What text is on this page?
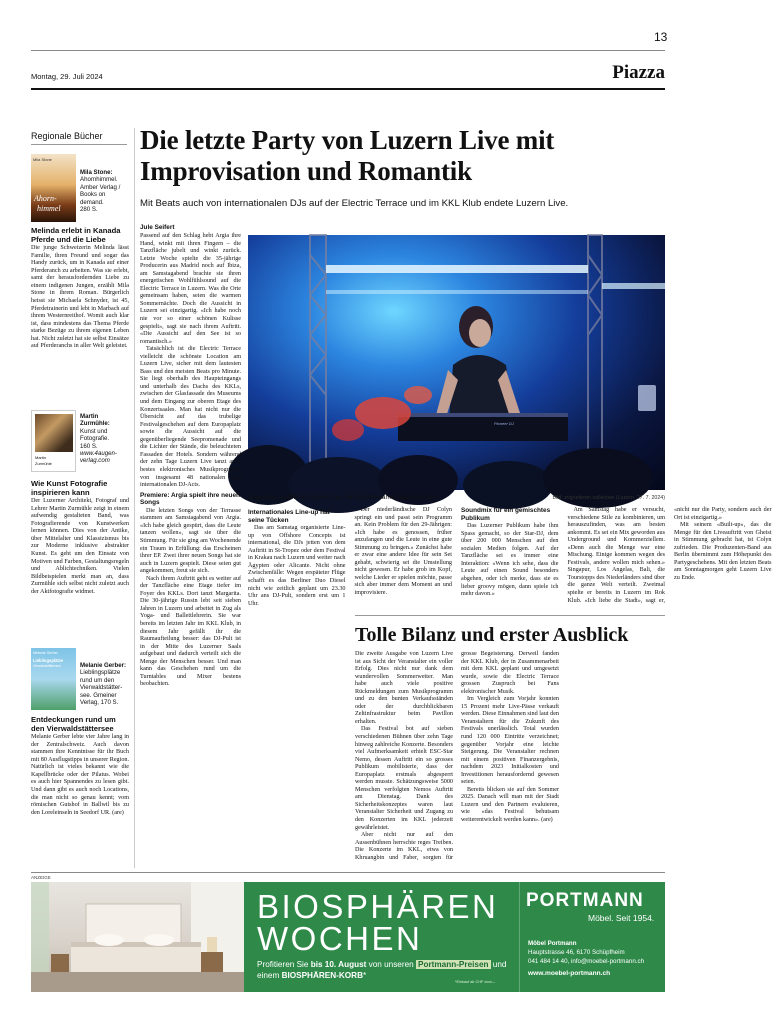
13
Montag, 29. Juli 2024	Piazza
Regionale Bücher
Mila Stone
Ahorn-
himmel
Mila Stone:
Ahornhimmel.
Amber Verlag /
Books on
demand.
280 S.
Melinda erlebt in Kanada Pferde und die Liebe
Die junge Schweizerin Melinda lässt Familie, ihren Freund und sogar das Handy zurück, um in Kanada auf einer Pferderanch zu arbeiten. Was sie erlebt, samt der herausfordernden Liebe zu einem indigenen Jungen, erzählt Mila Stone in ihrem Roman. Bürgerlich heisst sie Michaela Schnyder, ist 45, Pferdetrainerin und lebt in Marbach auf ihrem Westernreithof. Womit auch klar ist, dass mindestens das Thema Pferde starke Bezüge zu ihrem eigenen Leben hat. Nicht zuletzt hat sie selbst Einsätze auf Pferderanchs in aller Welt geleistet.
Martin
Zurmühle
Martin
Zurmühle:
Kunst und
Fotografie.
160 S.
www.4augen-
verlag.com
Wie Kunst Fotografie inspirieren kann
Der Luzerner Architekt, Fotograf und Lehrer Martin Zurmühle zeigt in einem aufwendig gestalteten Band, was Fotografierende von Kunstwerken lernen können. Dies von der Antike, über Mittelalter und Klassizismus bis zur Moderne inklusive abstrakter Kunst. Es geht um den Einsatz von Motiven und Farben, Gestaltungsregeln und Ablichtechniken. Vielen Bildbeispielen merkt man an, dass Zurmühle sich selbst nicht zuletzt auch der Aktfotografie widmet.
Melanie Gerber
Lieblingsplätze
Vierwaldstättersee	Melanie Gerber:
Lieblingsplätze
rund um den
Vierwaldstätter-
see. Gmeiner
Verlag, 170 S.
Entdeckungen rund um den Vierwaldstättersee
Melanie Gerber lebte vier Jahre lang in der Zentralschweiz. Auch davon stammen ihre Kenntnisse für ihr Buch mit 80 Ausflugstipps in unserer Region. Natürlich ist vieles bekannt wie die Kapellbrücke oder der Pilatus. Wobei es auch hier Spannendes zu lesen gibt. Und dann gibt es auch noch Locations, die man nicht so genau kennt; vom römischen Gutshof in Ballwil bis zu den Loreleinseln in Seedorf UR. (are)
Die letzte Party von Luzern Live mit Improvisation und Romantik
Mit Beats auch von internationalen DJs auf der Electric Terrace und im KKL Klub endete Luzern Live.
Jule Seifert
Pioneer DJ
Argia beim Auftritt an Luzern Live. Ihr Künstlername bedeutet Licht.	Bild: zvg/unkrwn collective (Luzern, 27. 7. 2024)

Passend auf den Schlag hebt Argia ihre Hand, winkt mit ihren Fingern – die Tanzfläche jubelt und winkt zurück. Letzte Woche spielte die 35-jährige Producerin aus Madrid noch auf Ibiza, am Samstagabend brachte sie ihren energetischen Wohlfühlsound auf die Electric Terrace in Luzern. Was die Orte gemeinsam haben, seien die warmen Sommernächte. Doch die Aussicht in Luzern sei einzigartig. «Ich habe noch nie vor so einer schönen Kulisse gespielt», sagt sie nach ihrem Auftritt. «Die Aussicht auf den See ist so romantisch.»

Tatsächlich ist die Electric Terrace vielleicht die schönste Location am Luzern Live, sicher mit dem lautesten Bass und den meisten Beats pro Minute. Sie liegt oberhalb des Haupteingangs und unterhalb des Dachs des KKLs, zwischen der Glasfassade des Museums und dem Eingang zur oberen Etage des Konzertsaales. Man hat nicht nur die Übersicht auf das trubelige Festivalgeschehen auf dem Europaplatz sowie die Aussicht auf die gegenüberliegende Seepromenade und die Lichter der Stände, die beleuchteten Fassaden der Hotels. Sondern während der zehn Tage Luzern Live tanzt auch bestes elektronisches Musikprogramm von insgesamt 48 nationalen und internationalen DJ-Acts.

Premiere: Argia spielt ihre neuen Songs

Die letzten Songs von der Terrasse stammen am Samstagabend von Argia. «Ich habe gleich gespürt, dass die Leute tanzen wollen», sagt sie über die Stimmung. Für sie ging am Wochenende ein Traum in Erfüllung: das Erscheinen ihrer EP. Zwei ihrer neuen Songs hat sie auch in Luzern gespielt. Diese seien gut angekommen, freut sie sich.

Nach ihrem Auftritt geht es weiter auf der Tanzfläche eine Etage tiefer im Foyer des KKLs. Dort tanzt Margarita. Die 30-jährige Russin lebt seit sieben Jahren in Luzern und arbeitet in Zug als Yoga- und Ballettlehrerin. Sie war bereits im letzten Jahr im KKL Klub, in diesem Jahr gefällt ihr die Raumaufteilung besser: das DJ-Pult ist in der Mitte des Luzerner Saals aufgebaut und dadurch verteilt sich die Menge der Menschen besser. Und man kann das Geschehen rund um die Turntables und Mixer bestens beobachten.

Internationales Line-up hat seine Tücken

Das am Samstag organisierte Line-up von Offshore Concepts ist international, die DJs jetten von dem Auftritt in St-Tropez oder dem Festival in Krakau nach Luzern und weiter nach Ägypten oder Alicante. Nicht ohne Zwischenfälle: Wegen erspäteter Flüge schafft es das Berliner Duo Diesel nicht wie zeitlich geplant um 23.30 Uhr ans DJ-Pult, sondern erst um 1 Uhr.

Der niederländische DJ Colyn springt ein und passt sein Programm an. Kein Problem für den 29-Jährigen: «Ich habe es genossen, früher anzufangen und die Leute in eine gute Stimmung zu bringen.» Zunächst habe er zwar eine andere Idee für sein Set gehabt, schwierig sei die Umstellung nicht gewesen. Er habe grob im Kopf, welche Lieder er spielen möchte, passe sich aber immer dem Moment an und improvisiere.

Soundmix für ein gemischtes Publikum

Das Luzerner Publikum habe ihm Spass gemacht, so der Star-DJ, dem über 200 000 Menschen auf den sozialen Medien folgen. Auf der Tanzfläche sei es immer eine Interaktion: «Wenn ich sehe, dass die Leute auf einen Sound besonders abgehen, oder ich merke, dass sie es lieber groovy mögen, dann spiele ich mehr davon.»

Am Samstag habe er versucht, verschiedene Stile zu kombinieren, um herauszufinden, was am besten ankommt. Es sei ein Mix geworden aus Underground und Kommerziellem. «Denn auch die Menge war eine Mischung. Einige kommen wegen des Festivals, andere wollen mich sehen.» Singapur, Los Angelas, Bali, die Tourstopps des Niederländers sind über die ganze Welt verteilt. Zweimal spielte er bereits in Luzern im Rok Klub. «Ich liebe die Stadt», sagt er, «nicht nur die Party, sondern auch der Ort ist einzigartig.»

Mit seinem «Built-up», das die Menge für den Liveauftritt von Gheist in Stimmung gebracht hat, ist Colyn zufrieden. Die Produzenten-Band aus Berlin übernimmt zum Höhepunkt des Partygeschehens. Mit den letzten Beats am Sonntagmorgen geht Luzern Live zu Ende.

Tolle Bilanz und erster Ausblick

Die zweite Ausgabe von Luzern Live ist aus Sicht der Veranstalter ein voller Erfolg. Dies nicht nur dank dem wundervollen Sommerwetter. Man habe auch viele positive Rückmeldungen zum Musikprogramm und zu den bunten Verkaufsständen oder der durchblickbaren Zeltinfrastruktur beim Pavillon erhalten.

Das Festival bot auf sieben verschiedenen Bühnen über zehn Tage hinweg zahlreiche Konzerte. Besonders viel Aufmerksamkeit erhielt ESC-Star Nemo, dessen Auftritt ein so grosses Publikum mobilisierte, dass der Europaplatz erstmals abgesperrt werden musste. Schätzungsweise 5000 Menschen verfolgten Nemos Auftritt am Dienstag. Dank des Sicherheitskonzeptes waren laut Veranstalter Sicherheit und Zugang zu den Konzerten im KKL jederzeit gewährleistet.

Aber nicht nur auf den Aussenbühnen herrschte reges Treiben. Die Konzerte im KKL, etwa von Khruangbin und Faber, sorgten für grosse Begeisterung. Derweil fanden der KKL Klub, der in Zusammenarbeit mit dem KKL geplant und umgesetzt wurde, sowie die Electric Terrace grossen Zuspruch bei Fans elektronischer Musik.

Im Vergleich zum Vorjahr konnten 15 Prozent mehr Live-Pässe verkauft werden. Diese Einnahmen sind laut den Veranstaltern für die Zukunft des Festivals unerlässlich. Total wurden rund 120 000 Eintritte verzeichnet; gegenüber Vorjahr eine leichte Steigerung. Die Veranstalter rechnen mit einem positiven Finanzergebnis, nachdem 2023 Initialkosten und Investitionen herausfordernd gewesen seien.

Bereits blicken sie auf den Sommer 2025. Danach will man mit der Stadt Luzern und den Partnern evaluieren, wie «das Festival behutsam weiterentwickelt werden kann». (are)

ANZEIGE
BIOSPHÄREN
WOCHEN
Profitieren Sie bis 10. August von unseren Portmann-Preisen und einem BIOSPHÄREN-KORB*
*Einkauf ab CHF xxxx.–
PORTMANN
Möbel. Seit 1954.
Möbel Portmann
Hauptstrasse 46, 6170 Schüpfheim
041 484 14 40, info@moebel-portmann.ch
www.moebel-portmann.ch
